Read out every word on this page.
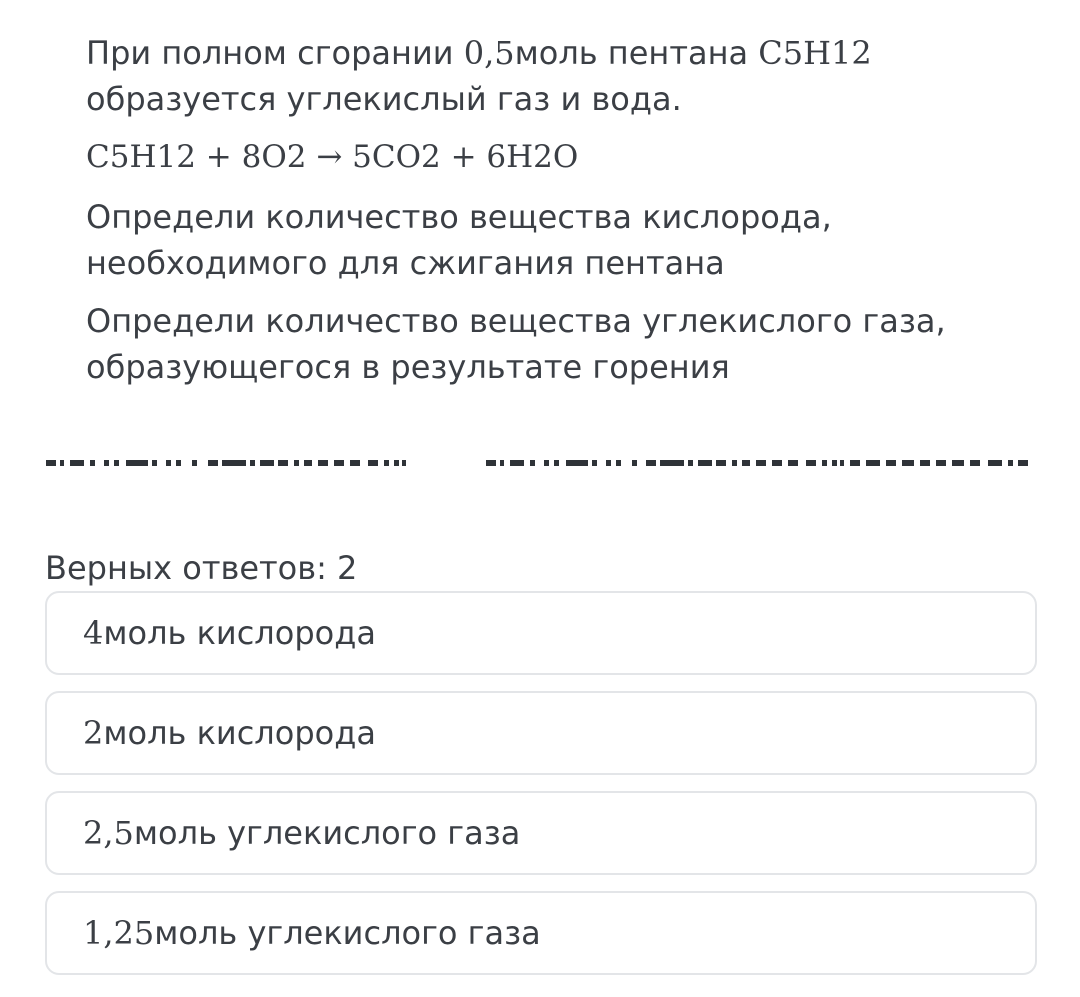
При полном сгорании 0,5моль пентана C5H12

образуется углекислый газ и вода.

C5H12 + 8O2 → 5CO2 + 6H2O

Определи количество вещества кислорода,

необходимого для сжигания пентана

Определи количество вещества углекислого газа,

образующегося в результате горения

Верных ответов: 2
4 моль кислорода
2 моль кислорода
2,5 моль углекислого газа
1,25 моль углекислого газа
